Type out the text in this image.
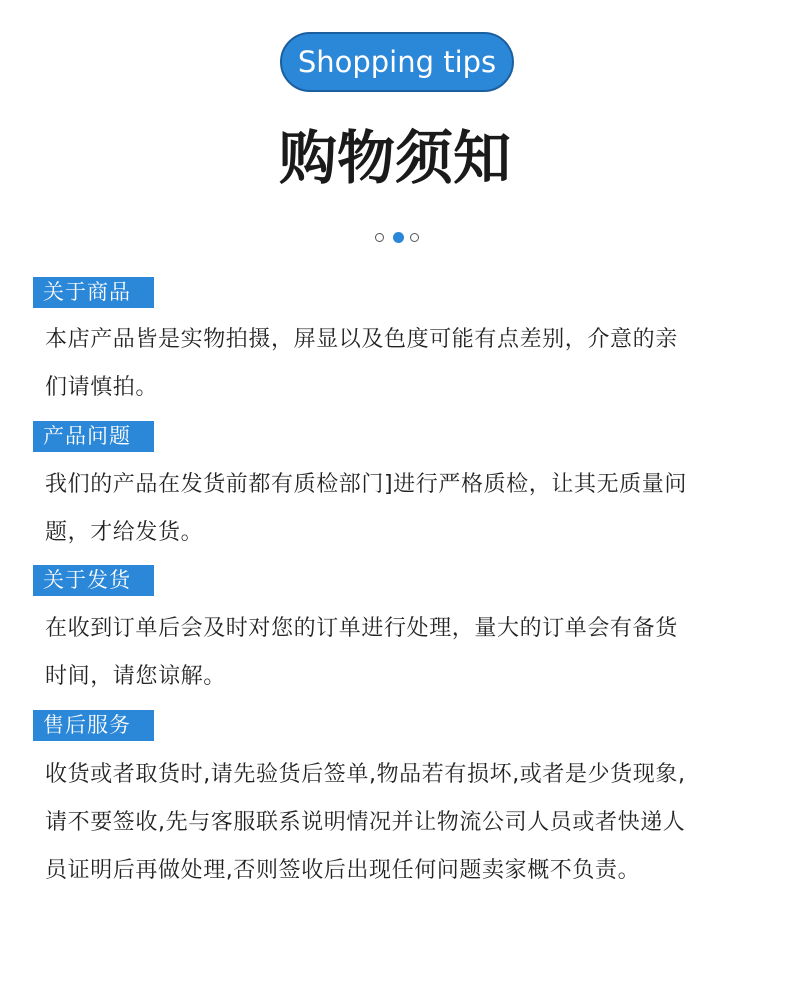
Shopping tips
购物须知
关于商品
本店产品皆是实物拍摄，屏显以及色度可能有点差别，介意的亲
们请慎拍。
产品问题
我们的产品在发货前都有质检部门]进行严格质检，让其无质量问
题，才给发货。
关于发货
在收到订单后会及时对您的订单进行处理，量大的订单会有备货
时间，请您谅解。
售后服务
收货或者取货时,请先验货后签单,物品若有损坏,或者是少货现象,
请不要签收,先与客服联系说明情况并让物流公司人员或者快递人
员证明后再做处理,否则签收后出现任何问题卖家概不负责。
